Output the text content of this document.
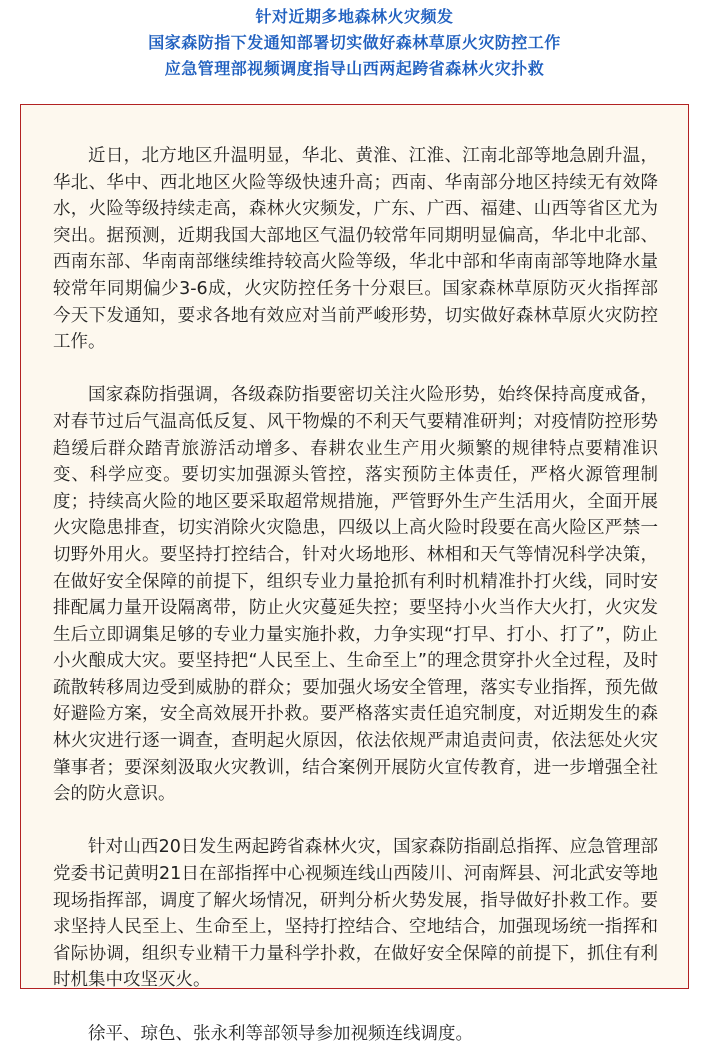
针对近期多地森林火灾频发
国家森防指下发通知部署切实做好森林草原火灾防控工作
应急管理部视频调度指导山西两起跨省森林火灾扑救

近日，北方地区升温明显，华北、黄淮、江淮、江南北部等地急剧升温，华北、华中、西北地区火险等级快速升高；西南、华南部分地区持续无有效降水，火险等级持续走高，森林火灾频发，广东、广西、福建、山西等省区尤为突出。据预测，近期我国大部地区气温仍较常年同期明显偏高，华北中北部、西南东部、华南南部继续维持较高火险等级，华北中部和华南南部等地降水量较常年同期偏少3-6成，火灾防控任务十分艰巨。国家森林草原防灭火指挥部今天下发通知，要求各地有效应对当前严峻形势，切实做好森林草原火灾防控工作。

国家森防指强调，各级森防指要密切关注火险形势，始终保持高度戒备，对春节过后气温高低反复、风干物燥的不利天气要精准研判；对疫情防控形势趋缓后群众踏青旅游活动增多、春耕农业生产用火频繁的规律特点要精准识变、科学应变。要切实加强源头管控，落实预防主体责任，严格火源管理制度；持续高火险的地区要采取超常规措施，严管野外生产生活用火，全面开展火灾隐患排查，切实消除火灾隐患，四级以上高火险时段要在高火险区严禁一切野外用火。要坚持打控结合，针对火场地形、林相和天气等情况科学决策，在做好安全保障的前提下，组织专业力量抢抓有利时机精准扑打火线，同时安排配属力量开设隔离带，防止火灾蔓延失控；要坚持小火当作大火打，火灾发生后立即调集足够的专业力量实施扑救，力争实现“打早、打小、打了”，防止小火酿成大灾。要坚持把“人民至上、生命至上”的理念贯穿扑火全过程，及时疏散转移周边受到威胁的群众；要加强火场安全管理，落实专业指挥，预先做好避险方案，安全高效展开扑救。要严格落实责任追究制度，对近期发生的森林火灾进行逐一调查，查明起火原因，依法依规严肃追责问责，依法惩处火灾肇事者；要深刻汲取火灾教训，结合案例开展防火宣传教育，进一步增强全社会的防火意识。

针对山西20日发生两起跨省森林火灾，国家森防指副总指挥、应急管理部党委书记黄明21日在部指挥中心视频连线山西陵川、河南辉县、河北武安等地现场指挥部，调度了解火场情况，研判分析火势发展，指导做好扑救工作。要求坚持人民至上、生命至上，坚持打控结合、空地结合，加强现场统一指挥和省际协调，组织专业精干力量科学扑救，在做好安全保障的前提下，抓住有利时机集中攻坚灭火。

徐平、琼色、张永利等部领导参加视频连线调度。
